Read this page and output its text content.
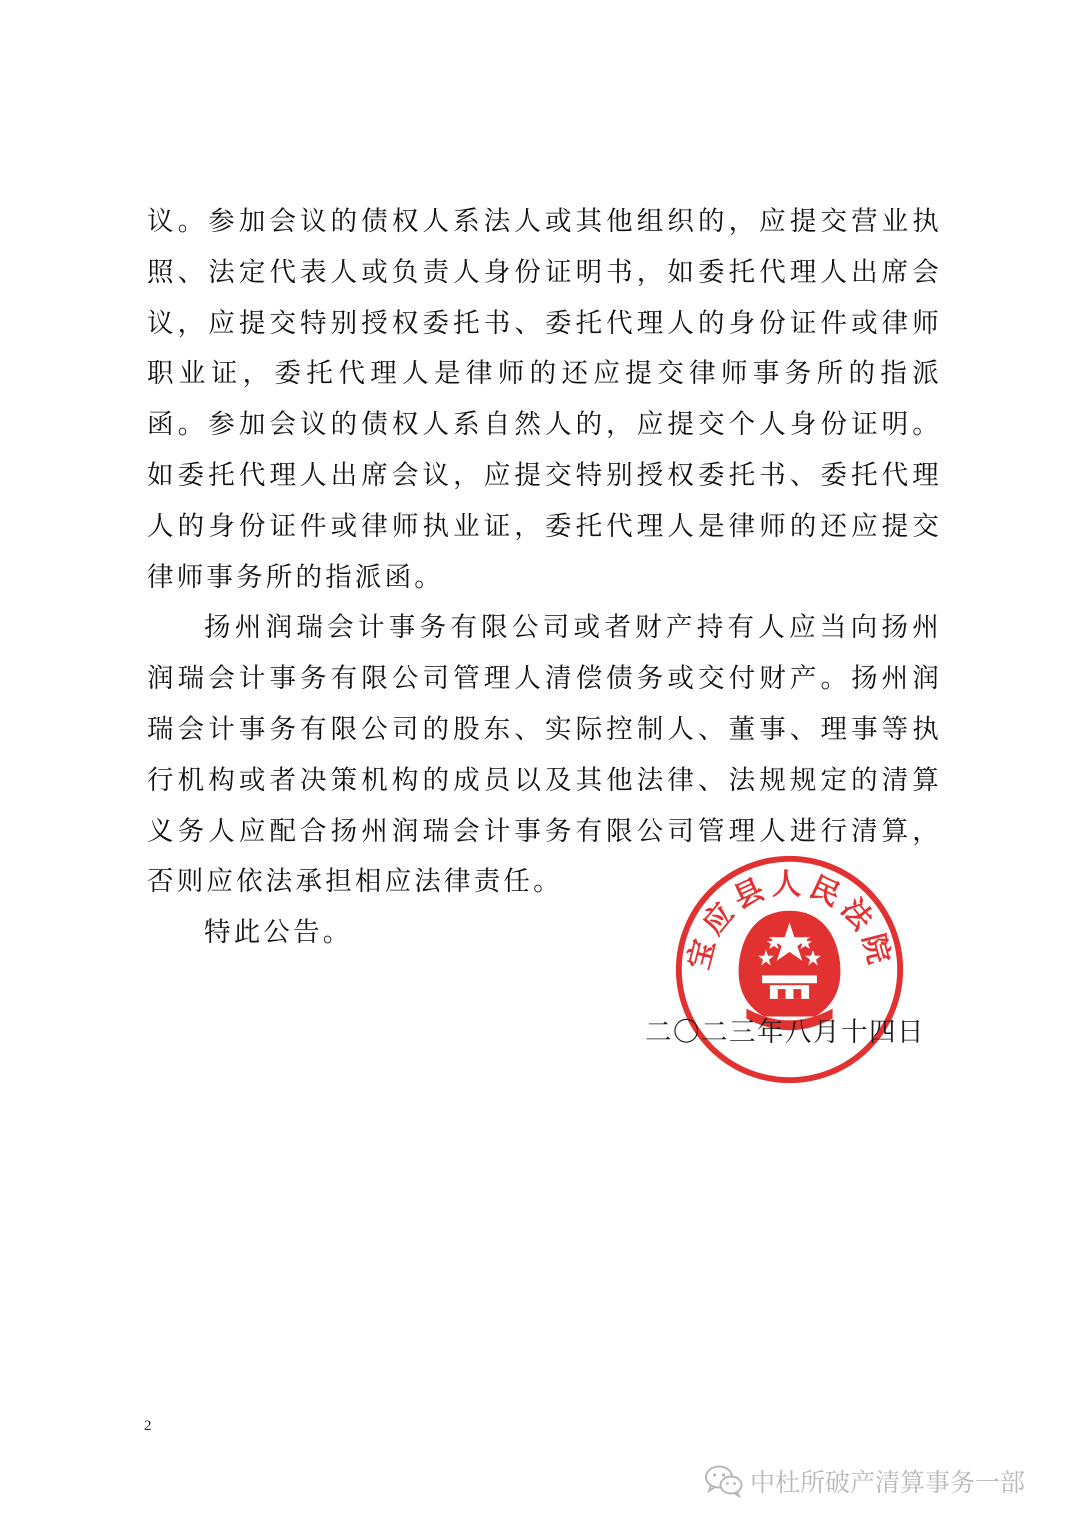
议。参加会议的债权人系法人或其他组织的，应提交营业执照、法定代表人或负责人身份证明书，如委托代理人出席会议，应提交特别授权委托书、委托代理人的身份证件或律师职业证，委托代理人是律师的还应提交律师事务所的指派函。参加会议的债权人系自然人的，应提交个人身份证明。如委托代理人出席会议，应提交特别授权委托书、委托代理人的身份证件或律师执业证，委托代理人是律师的还应提交律师事务所的指派函。

扬州润瑞会计事务有限公司或者财产持有人应当向扬州润瑞会计事务有限公司管理人清偿债务或交付财产。扬州润瑞会计事务有限公司的股东、实际控制人、董事、理事等执行机构或者决策机构的成员以及其他法律、法规规定的清算义务人应配合扬州润瑞会计事务有限公司管理人进行清算，否则应依法承担相应法律责任。

特此公告。	宝应县人民法院
二〇二三年八月十四日
2
中杜所破产清算事务一部
